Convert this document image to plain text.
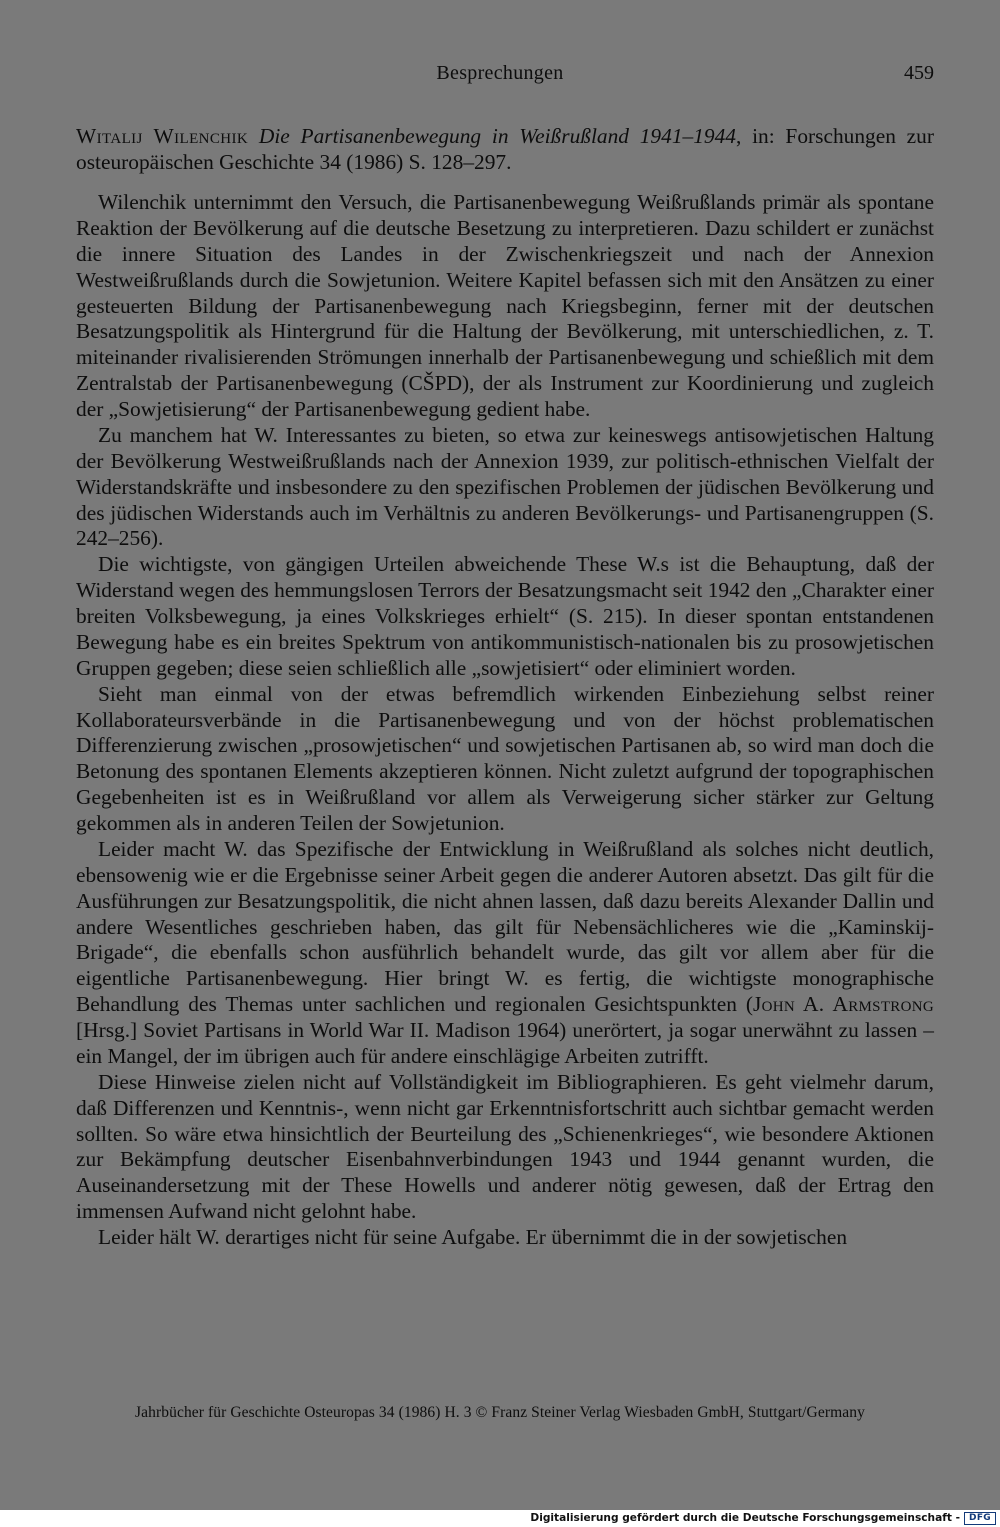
Besprechungen	459
Witalij Wilenchik Die Partisanenbewegung in Weißrußland 1941–1944, in: Forschungen zur osteuropäischen Geschichte 34 (1986) S. 128–297.

Wilenchik unternimmt den Versuch, die Partisanenbewegung Weißrußlands primär als spontane Reaktion der Bevölkerung auf die deutsche Besetzung zu interpretieren. Dazu schildert er zunächst die innere Situation des Landes in der Zwischenkriegszeit und nach der Annexion Westweißrußlands durch die Sowjetunion. Weitere Kapitel befassen sich mit den Ansätzen zu einer gesteuerten Bildung der Partisanenbewegung nach Kriegsbeginn, ferner mit der deutschen Besatzungspolitik als Hintergrund für die Haltung der Bevölkerung, mit unterschiedlichen, z. T. miteinander rivalisierenden Strömungen innerhalb der Partisanenbewegung und schießlich mit dem Zentralstab der Partisanenbewegung (CŠPD), der als Instrument zur Koordinierung und zugleich der „Sowjetisierung“ der Partisanenbewegung gedient habe.

Zu manchem hat W. Interessantes zu bieten, so etwa zur keineswegs antisowjetischen Haltung der Bevölkerung Westweißrußlands nach der Annexion 1939, zur politisch-ethnischen Vielfalt der Widerstandskräfte und insbesondere zu den spezifischen Problemen der jüdischen Bevölkerung und des jüdischen Widerstands auch im Verhältnis zu anderen Bevölkerungs- und Partisanengruppen (S. 242–256).

Die wichtigste, von gängigen Urteilen abweichende These W.s ist die Behauptung, daß der Widerstand wegen des hemmungslosen Terrors der Besatzungsmacht seit 1942 den „Charakter einer breiten Volksbewegung, ja eines Volkskrieges erhielt“ (S. 215). In dieser spontan entstandenen Bewegung habe es ein breites Spektrum von antikommunistisch-nationalen bis zu prosowjetischen Gruppen gegeben; diese seien schließlich alle „sowjetisiert“ oder eliminiert worden.

Sieht man einmal von der etwas befremdlich wirkenden Einbeziehung selbst reiner Kollaborateursverbände in die Partisanenbewegung und von der höchst problematischen Differenzierung zwischen „prosowjetischen“ und sowjetischen Partisanen ab, so wird man doch die Betonung des spontanen Elements akzeptieren können. Nicht zuletzt aufgrund der topographischen Gegebenheiten ist es in Weißrußland vor allem als Verweigerung sicher stärker zur Geltung gekommen als in anderen Teilen der Sowjetunion.

Leider macht W. das Spezifische der Entwicklung in Weißrußland als solches nicht deutlich, ebensowenig wie er die Ergebnisse seiner Arbeit gegen die anderer Autoren absetzt. Das gilt für die Ausführungen zur Besatzungspolitik, die nicht ahnen lassen, daß dazu bereits Alexander Dallin und andere Wesentliches geschrieben haben, das gilt für Nebensächlicheres wie die „Kaminskij-Brigade“, die ebenfalls schon ausführlich behandelt wurde, das gilt vor allem aber für die eigentliche Partisanenbewegung. Hier bringt W. es fertig, die wichtigste monographische Behandlung des Themas unter sachlichen und regionalen Gesichtspunkten (John A. Armstrong [Hrsg.] Soviet Partisans in World War II. Madison 1964) unerörtert, ja sogar unerwähnt zu lassen – ein Mangel, der im übrigen auch für andere einschlägige Arbeiten zutrifft.

Diese Hinweise zielen nicht auf Vollständigkeit im Bibliographieren. Es geht vielmehr darum, daß Differenzen und Kenntnis-, wenn nicht gar Erkenntnisfortschritt auch sichtbar gemacht werden sollten. So wäre etwa hinsichtlich der Beurteilung des „Schienenkrieges“, wie besondere Aktionen zur Bekämpfung deutscher Eisenbahnverbindungen 1943 und 1944 genannt wurden, die Auseinandersetzung mit der These Howells und anderer nötig gewesen, daß der Ertrag den immensen Aufwand nicht gelohnt habe.

Leider hält W. derartiges nicht für seine Aufgabe. Er übernimmt die in der sowjetischen

Jahrbücher für Geschichte Osteuropas 34 (1986) H. 3 © Franz Steiner Verlag Wiesbaden GmbH, Stuttgart/Germany
Digitalisierung gefördert durch die Deutsche Forschungsgemeinschaft -	DFG
